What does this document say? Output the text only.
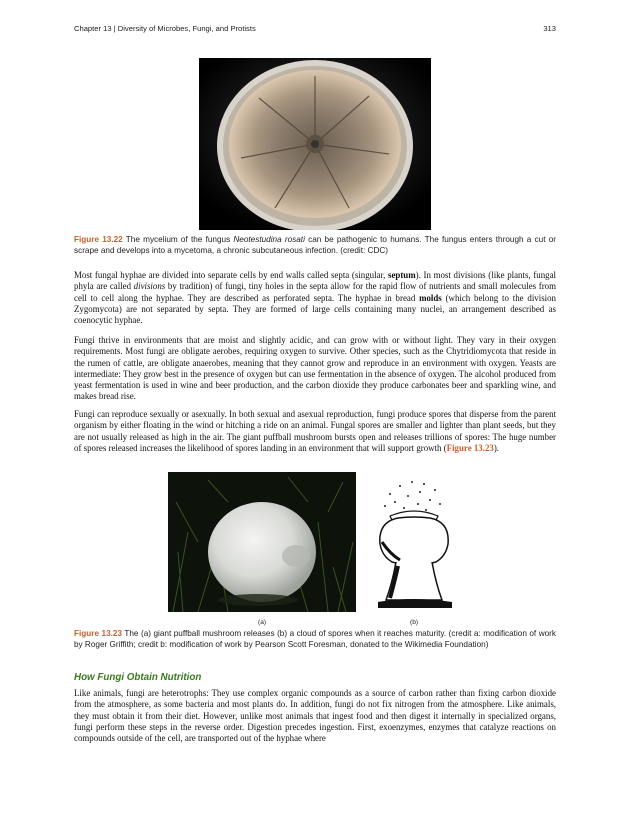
Chapter 13 | Diversity of Microbes, Fungi, and Protists	313
Figure 13.22 The mycelium of the fungus Neotestudina rosati can be pathogenic to humans. The fungus enters through a cut or scrape and develops into a mycetoma, a chronic subcutaneous infection. (credit: CDC)

Most fungal hyphae are divided into separate cells by end walls called septa (singular, septum). In most divisions (like plants, fungal phyla are called divisions by tradition) of fungi, tiny holes in the septa allow for the rapid flow of nutrients and small molecules from cell to cell along the hyphae. They are described as perforated septa. The hyphae in bread molds (which belong to the division Zygomycota) are not separated by septa. They are formed of large cells containing many nuclei, an arrangement described as coenocytic hyphae.

Fungi thrive in environments that are moist and slightly acidic, and can grow with or without light. They vary in their oxygen requirements. Most fungi are obligate aerobes, requiring oxygen to survive. Other species, such as the Chytridiomycota that reside in the rumen of cattle, are obligate anaerobes, meaning that they cannot grow and reproduce in an environment with oxygen. Yeasts are intermediate: They grow best in the presence of oxygen but can use fermentation in the absence of oxygen. The alcohol produced from yeast fermentation is used in wine and beer production, and the carbon dioxide they produce carbonates beer and sparkling wine, and makes bread rise.

Fungi can reproduce sexually or asexually. In both sexual and asexual reproduction, fungi produce spores that disperse from the parent organism by either floating in the wind or hitching a ride on an animal. Fungal spores are smaller and lighter than plant seeds, but they are not usually released as high in the air. The giant puffball mushroom bursts open and releases trillions of spores: The huge number of spores released increases the likelihood of spores landing in an environment that will support growth (Figure 13.23).

(a)	(b)
Figure 13.23 The (a) giant puffball mushroom releases (b) a cloud of spores when it reaches maturity. (credit a: modification of work by Roger Griffith; credit b: modification of work by Pearson Scott Foresman, donated to the Wikimedia Foundation)
How Fungi Obtain Nutrition

Like animals, fungi are heterotrophs: They use complex organic compounds as a source of carbon rather than fixing carbon dioxide from the atmosphere, as some bacteria and most plants do. In addition, fungi do not fix nitrogen from the atmosphere. Like animals, they must obtain it from their diet. However, unlike most animals that ingest food and then digest it internally in specialized organs, fungi perform these steps in the reverse order. Digestion precedes ingestion. First, exoenzymes, enzymes that catalyze reactions on compounds outside of the cell, are transported out of the hyphae where
